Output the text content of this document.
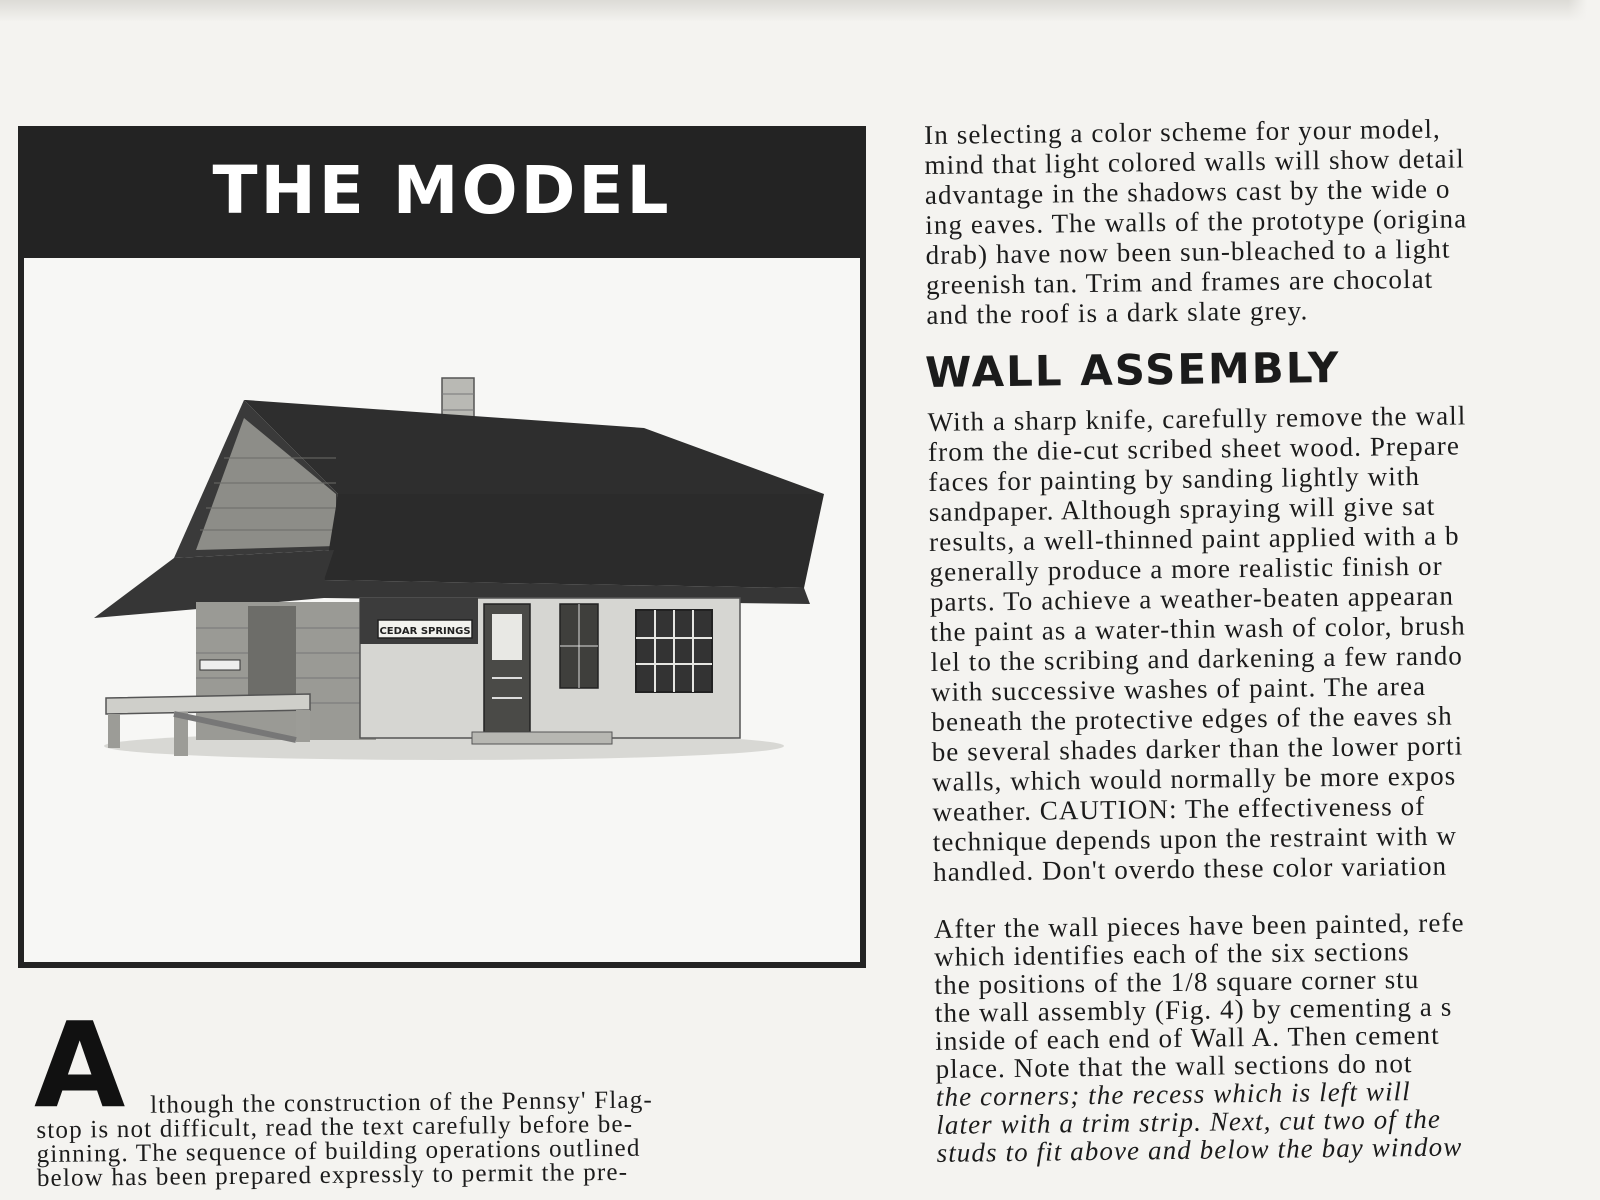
THE MODEL
CEDAR SPRINGS
A lthough the construction of the Pennsy' Flag-
stop is not difficult, read the text carefully before be-
ginning. The sequence of building operations outlined
below has been prepared expressly to permit the pre-
In selecting a color scheme for your model,
mind that light colored walls will show detail
advantage in the shadows cast by the wide o
ing eaves. The walls of the prototype (origina
drab) have now been sun-bleached to a light
greenish tan. Trim and frames are chocolat
and the roof is a dark slate grey.
WALL ASSEMBLY
With a sharp knife, carefully remove the wall
from the die-cut scribed sheet wood. Prepare
faces for painting by sanding lightly with
sandpaper. Although spraying will give sat
results, a well-thinned paint applied with a b
generally produce a more realistic finish or
parts. To achieve a weather-beaten appearan
the paint as a water-thin wash of color, brush
lel to the scribing and darkening a few rando
with successive washes of paint. The area
beneath the protective edges of the eaves sh
be several shades darker than the lower porti
walls, which would normally be more expos
weather. CAUTION: The effectiveness of
technique depends upon the restraint with w
handled. Don't overdo these color variation
After the wall pieces have been painted, refe
which identifies each of the six sections
the positions of the 1/8 square corner stu
the wall assembly (Fig. 4) by cementing a s
inside of each end of Wall A. Then cement
place. Note that the wall sections do not
the corners; the recess which is left will
later with a trim strip. Next, cut two of the
studs to fit above and below the bay window
